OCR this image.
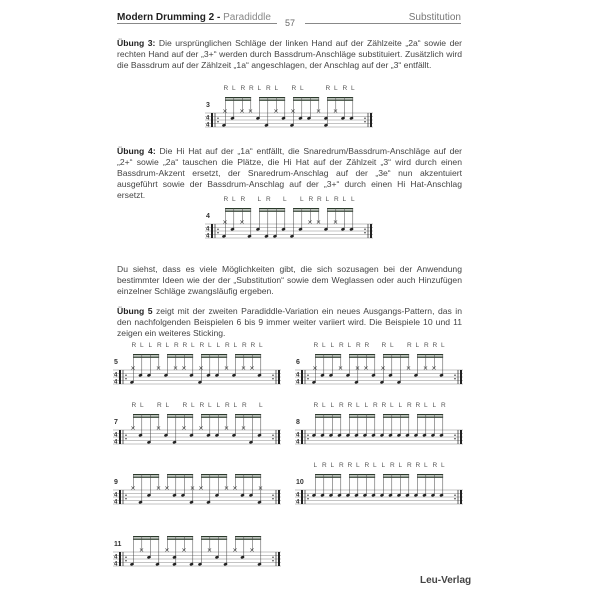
Modern Drumming 2 - Paradiddle 57	Substitution
Übung 3: Die ursprünglichen Schläge der linken Hand auf der Zählzeite „2a“ sowie der rechten Hand auf der „3+“ werden durch Bassdrum-Anschläge substituiert. Zusätzlich wird die Bassdrum auf der Zählzeit „1a“ angeschlagen, der Anschlag auf der „3“ entfällt.
4
4
3
R L R R L R L R L	R L R L
Übung 4: Die Hi Hat auf der „1a“ entfällt, die Snaredrum/Bassdrum-Anschläge auf der „2+“ sowie „2a“ tauschen die Plätze, die Hi Hat auf der Zählzeit „3“ wird durch einen Bassdrum-Akzent ersetzt, der Snaredrum-Anschlag auf der „3e“ nun akzentuiert ausgeführt sowie der Bassdrum-Anschlag auf der „3+“ durch einen Hi Hat-Anschlag ersetzt.
4
4
4
R L R L R L L R R L R L L
Du siehst, dass es viele Möglichkeiten gibt, die sich sozusagen bei der Anwendung bestimmter Ideen wie der der „Substitution“ sowie dem Weglassen oder auch Hinzufügen einzelner Schläge zwangsläufig ergeben.
Übung 5 zeigt mit der zweiten Paradiddle-Variation ein neues Ausgangs-Pattern, das in den nachfolgenden Beispielen 6 bis 9 immer weiter variiert wird. Die Beispiele 10 und 11 zeigen ein weiteres Sticking.
4
4
5
R L L R L R R L R L L R L R R L
4
4
6
R L L R L R R R L R L R R L
4
4
7
R L R L R L R L L R L R L
4
4
8
R L L R R L L R R L L R R L L R
4
4
9
4
4
10
L R L R R L R L L R L R R L R L
4
4
11
Leu-Verlag
